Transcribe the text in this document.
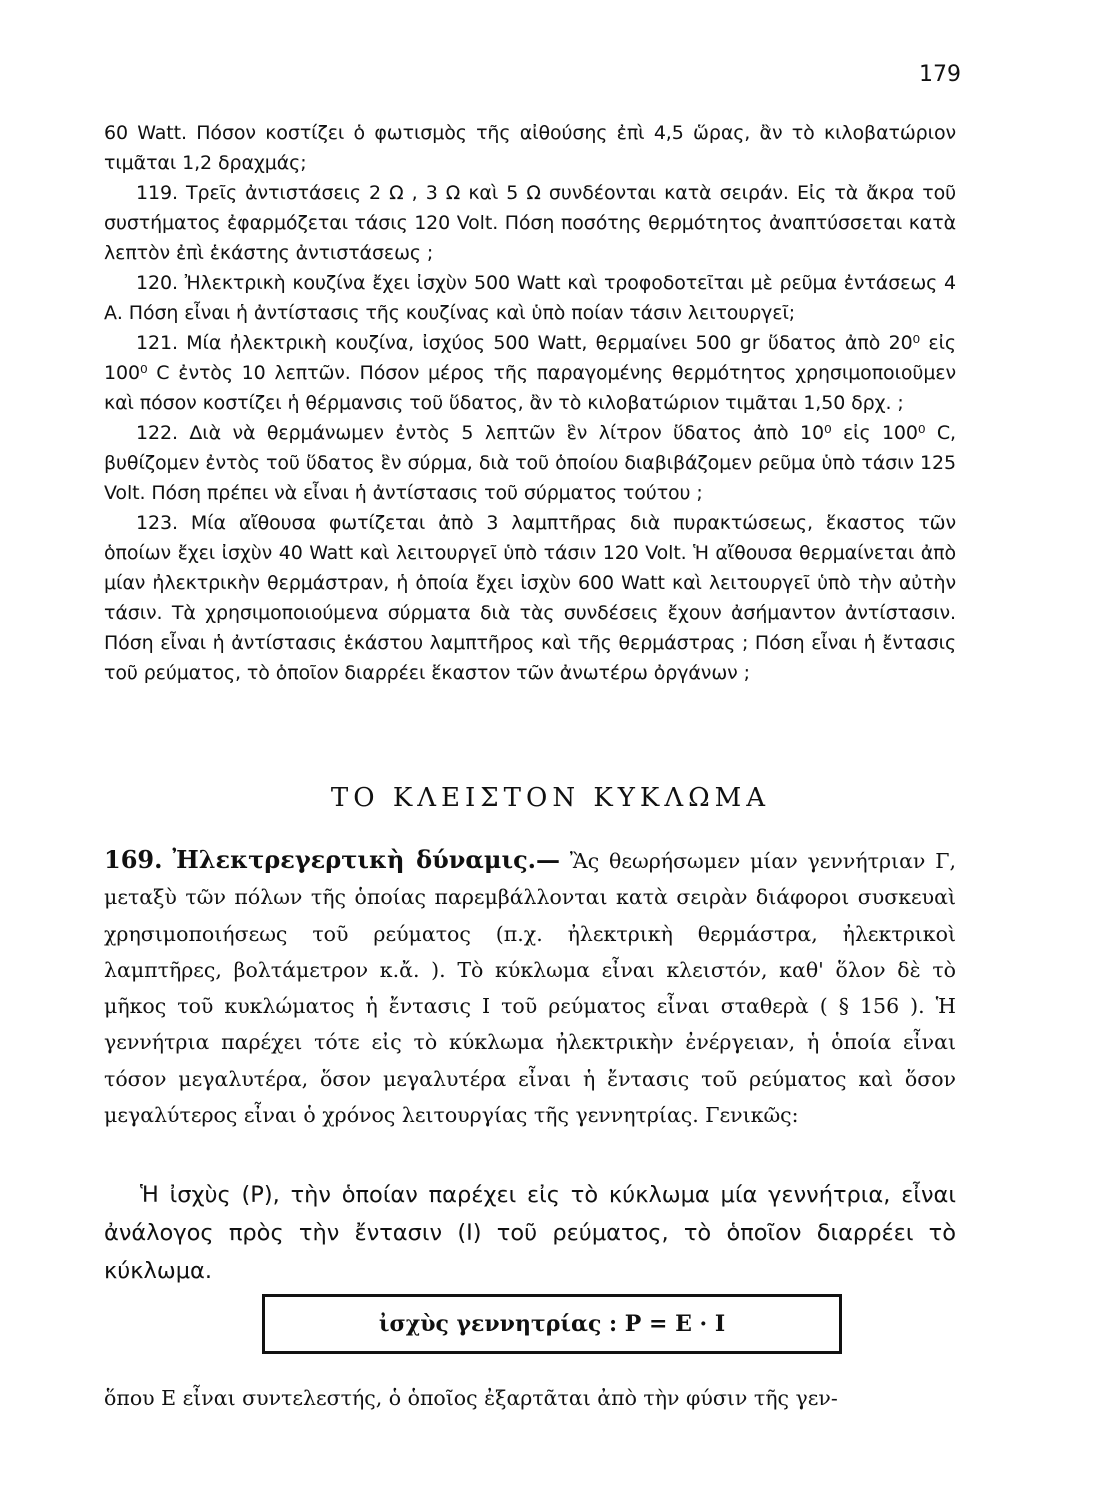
179

60 Watt. Πόσον κοστίζει ὁ φωτισμὸς τῆς αἰθούσης ἐπὶ 4,5 ὥρας, ἂν τὸ κιλοβατώριον τιμᾶται 1,2 δραχμάς;

119. Τρεῖς ἀντιστάσεις 2 Ω , 3 Ω καὶ 5 Ω συνδέονται κατὰ σειράν. Εἰς τὰ ἄκρα τοῦ συστήματος ἐφαρμόζεται τάσις 120 Volt. Πόση ποσότης θερμότητος ἀναπτύσσεται κατὰ λεπτὸν ἐπὶ ἑκάστης ἀντιστάσεως ;

120. Ἠλεκτρικὴ κουζίνα ἔχει ἰσχὺν 500 Watt καὶ τροφοδοτεῖται μὲ ρεῦμα ἐντάσεως 4 Α. Πόση εἶναι ἡ ἀντίστασις τῆς κουζίνας καὶ ὑπὸ ποίαν τάσιν λειτουργεῖ;

121. Μία ἠλεκτρικὴ κουζίνα, ἰσχύος 500 Watt, θερμαίνει 500 gr ὕδατος ἀπὸ 20⁰ εἰς 100⁰ C ἐντὸς 10 λεπτῶν. Πόσον μέρος τῆς παραγομένης θερμότητος χρησιμοποιοῦμεν καὶ πόσον κοστίζει ἡ θέρμανσις τοῦ ὕδατος, ἂν τὸ κιλοβατώριον τιμᾶται 1,50 δρχ. ;

122. Διὰ νὰ θερμάνωμεν ἐντὸς 5 λεπτῶν ἓν λίτρον ὕδατος ἀπὸ 10⁰ εἰς 100⁰ C, βυθίζομεν ἐντὸς τοῦ ὕδατος ἓν σύρμα, διὰ τοῦ ὁποίου διαβιβάζομεν ρεῦμα ὑπὸ τάσιν 125 Volt. Πόση πρέπει νὰ εἶναι ἡ ἀντίστασις τοῦ σύρματος τούτου ;

123. Μία αἴθουσα φωτίζεται ἀπὸ 3 λαμπτῆρας διὰ πυρακτώσεως, ἕκαστος τῶν ὁποίων ἔχει ἰσχὺν 40 Watt καὶ λειτουργεῖ ὑπὸ τάσιν 120 Volt. Ἡ αἴθουσα θερμαίνεται ἀπὸ μίαν ἠλεκτρικὴν θερμάστραν, ἡ ὁποία ἔχει ἰσχὺν 600 Watt καὶ λειτουργεῖ ὑπὸ τὴν αὐτὴν τάσιν. Τὰ χρησιμοποιούμενα σύρματα διὰ τὰς συνδέσεις ἔχουν ἀσήμαντον ἀντίστασιν. Πόση εἶναι ἡ ἀντίστασις ἑκάστου λαμπτῆρος καὶ τῆς θερμάστρας ; Πόση εἶναι ἡ ἔντασις τοῦ ρεύματος, τὸ ὁποῖον διαρρέει ἕκαστον τῶν ἀνωτέρω ὀργάνων ;

ΤΟ ΚΛΕΙΣΤΟΝ ΚΥΚΛΩΜΑ

169. Ἠλεκτρεγερτικὴ δύναμις.— Ἂς θεωρήσωμεν μίαν γεννήτριαν Γ, μεταξὺ τῶν πόλων τῆς ὁποίας παρεμβάλλονται κατὰ σειρὰν διάφοροι συσκευαὶ χρησιμοποιήσεως τοῦ ρεύματος (π.χ. ἠλεκτρικὴ θερμάστρα, ἠλεκτρικοὶ λαμπτῆρες, βολτάμετρον κ.ἄ. ). Τὸ κύκλωμα εἶναι κλειστόν, καθ' ὅλον δὲ τὸ μῆκος τοῦ κυκλώματος ἡ ἔντασις Ι τοῦ ρεύματος εἶναι σταθερὰ ( § 156 ). Ἡ γεννήτρια παρέχει τότε εἰς τὸ κύκλωμα ἠλεκτρικὴν ἐνέργειαν, ἡ ὁποία εἶναι τόσον μεγαλυτέρα, ὅσον μεγαλυτέρα εἶναι ἡ ἔντασις τοῦ ρεύματος καὶ ὅσον μεγαλύτερος εἶναι ὁ χρόνος λειτουργίας τῆς γεννητρίας. Γενικῶς:

Ἡ ἰσχὺς (Ρ), τὴν ὁποίαν παρέχει εἰς τὸ κύκλωμα μία γεννήτρια, εἶναι ἀνάλογος πρὸς τὴν ἔντασιν (Ι) τοῦ ρεύματος, τὸ ὁποῖον διαρρέει τὸ κύκλωμα.
ἰσχὺς γεννητρίας : P = E · I
ὅπου Ε εἶναι συντελεστής, ὁ ὁποῖος ἐξαρτᾶται ἀπὸ τὴν φύσιν τῆς γεν-
